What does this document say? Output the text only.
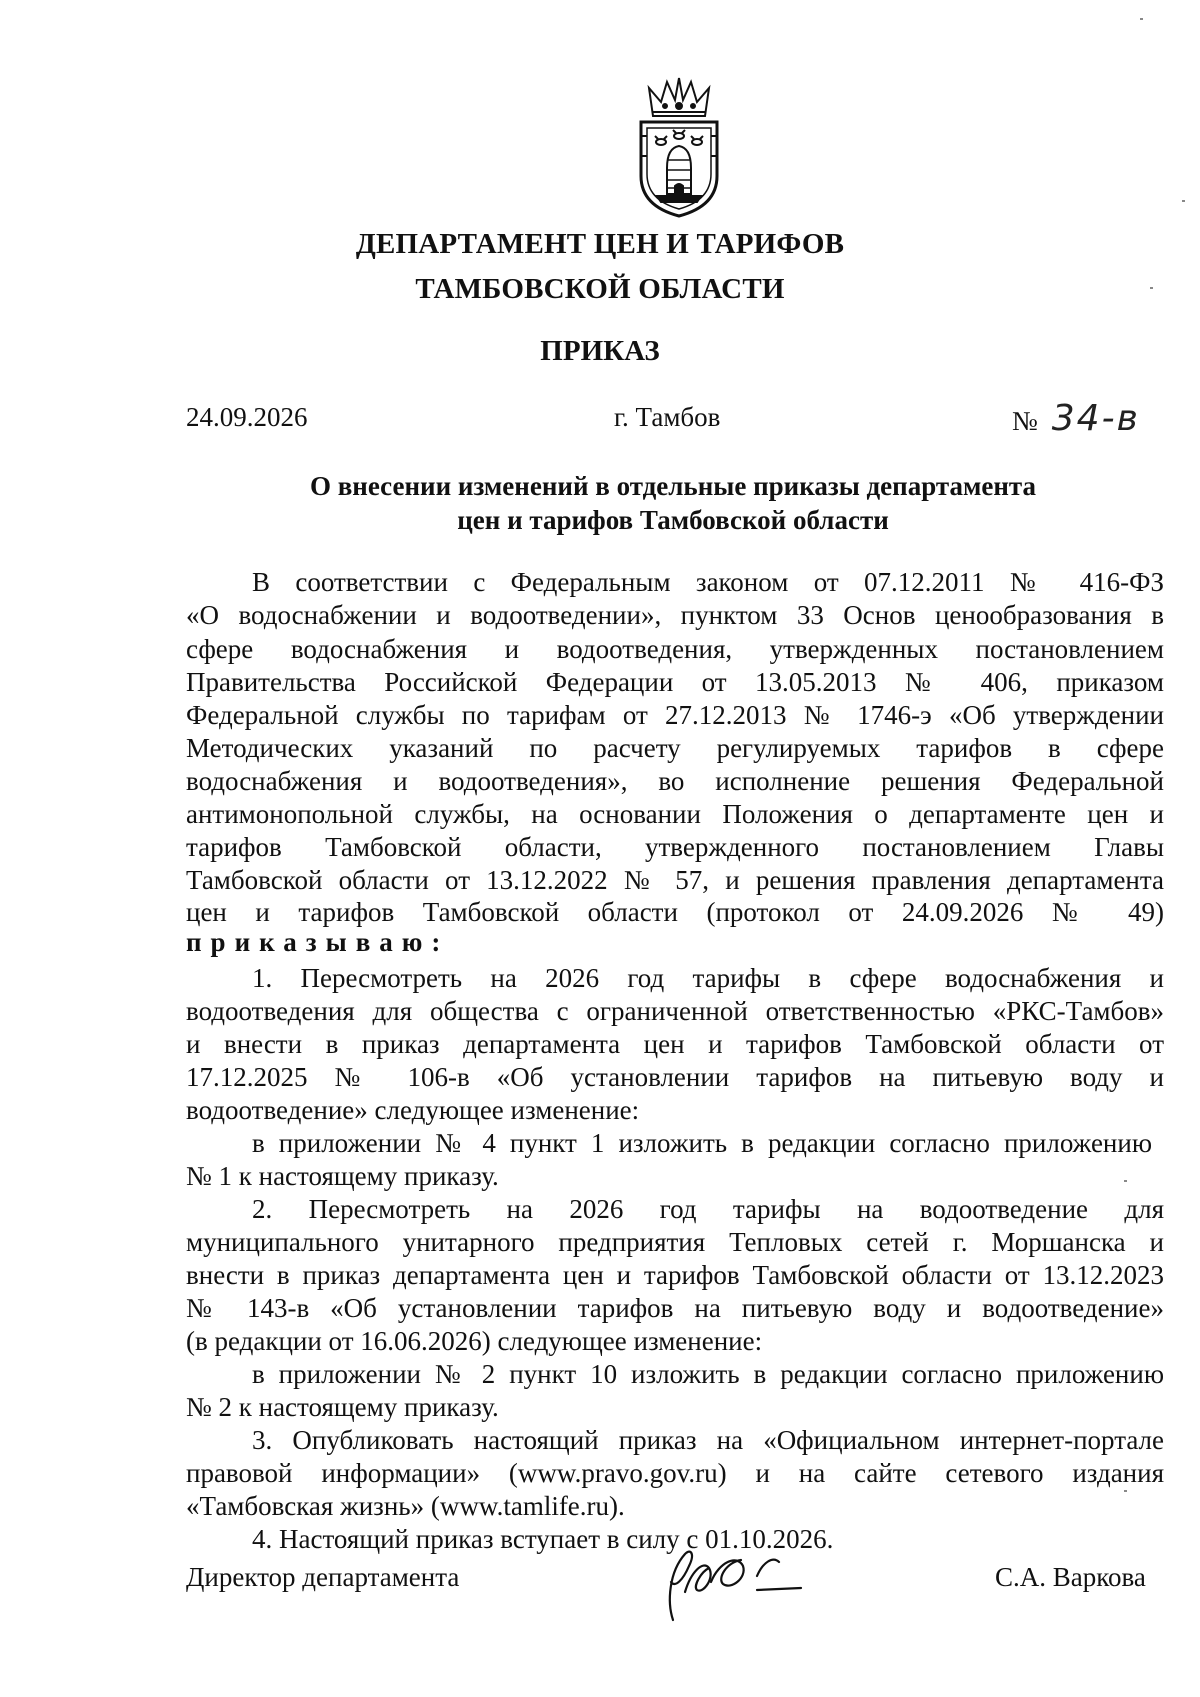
ДЕПАРТАМЕНТ ЦЕН И ТАРИФОВ
ТАМБОВСКОЙ ОБЛАСТИ
ПРИКАЗ
24.09.2026	г. Тамбов	№ 34-в
О внесении изменений в отдельные приказы департамента
цен и тарифов Тамбовской области
В соответствии с Федеральным законом от 07.12.2011 № 416-ФЗ
«О водоснабжении и водоотведении», пунктом 33 Основ ценообразования в
сфере водоснабжения и водоотведения, утвержденных постановлением
Правительства Российской Федерации от 13.05.2013 № 406, приказом
Федеральной службы по тарифам от 27.12.2013 № 1746-э «Об утверждении
Методических указаний по расчету регулируемых тарифов в сфере
водоснабжения и водоотведения», во исполнение решения Федеральной
антимонопольной службы, на основании Положения о департаменте цен и
тарифов Тамбовской области, утвержденного постановлением Главы
Тамбовской области от 13.12.2022 № 57, и решения правления департамента
цен и тарифов Тамбовской области (протокол от 24.09.2026 № 49)
приказываю:
1. Пересмотреть на 2026 год тарифы в сфере водоснабжения и
водоотведения для общества с ограниченной ответственностью «РКС-Тамбов»
и внести в приказ департамента цен и тарифов Тамбовской области от
17.12.2025 № 106-в «Об установлении тарифов на питьевую воду и
водоотведение» следующее изменение:
в приложении № 4 пункт 1 изложить в редакции согласно приложению
№ 1 к настоящему приказу.
2. Пересмотреть на 2026 год тарифы на водоотведение для
муниципального унитарного предприятия Тепловых сетей г. Моршанска и
внести в приказ департамента цен и тарифов Тамбовской области от 13.12.2023
№ 143-в «Об установлении тарифов на питьевую воду и водоотведение»
(в редакции от 16.06.2026) следующее изменение:
в приложении № 2 пункт 10 изложить в редакции согласно приложению
№ 2 к настоящему приказу.
3. Опубликовать настоящий приказ на «Официальном интернет-портале
правовой информации» (www.pravo.gov.ru) и на сайте сетевого издания
«Тамбовская жизнь» (www.tamlife.ru).
4. Настоящий приказ вступает в силу с 01.10.2026.
Директор департамента	С.А. Варкова
